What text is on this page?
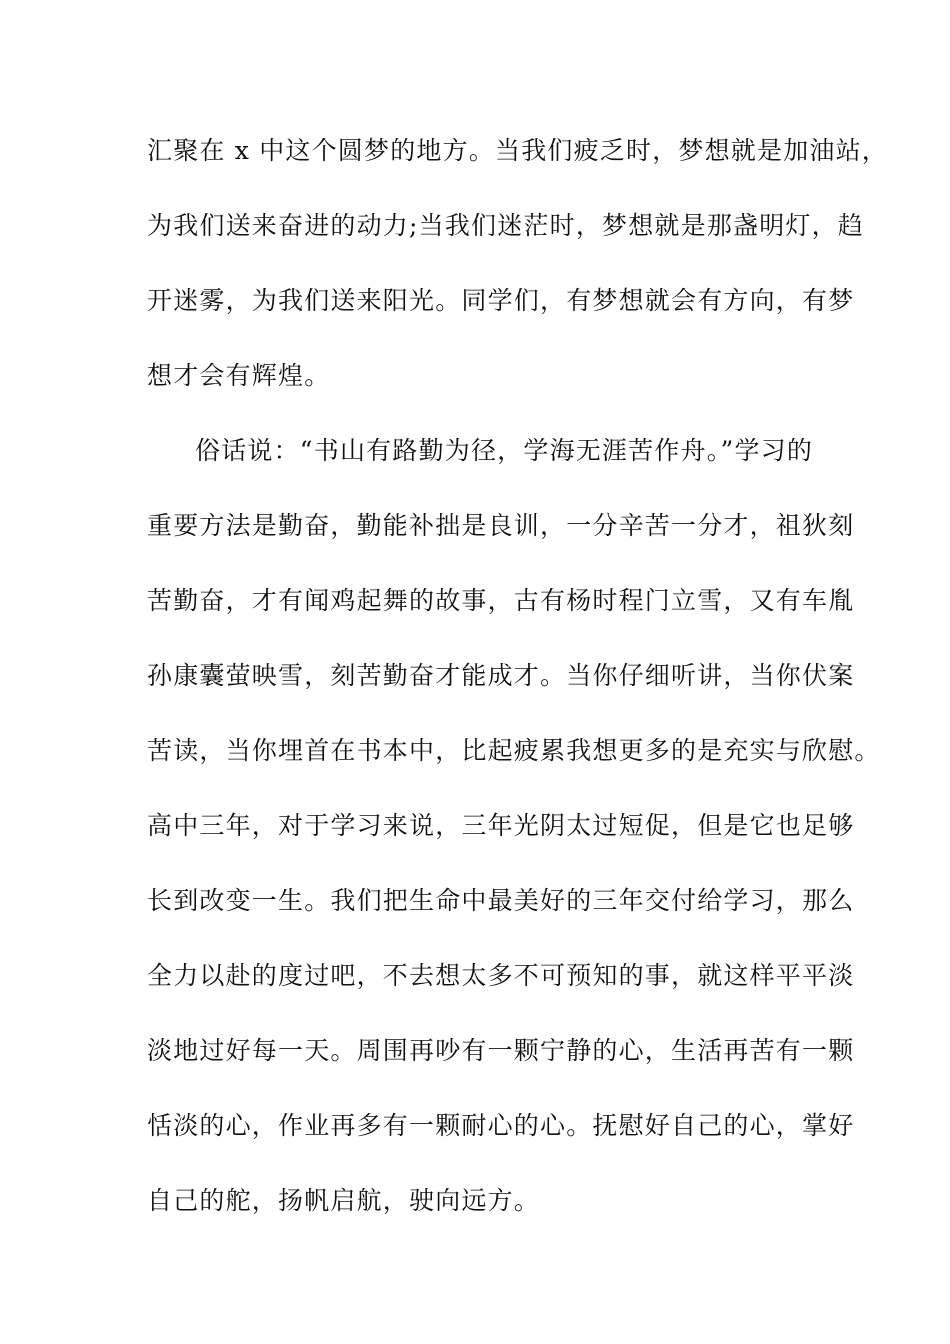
汇聚在 x 中这个圆梦的地方。当我们疲乏时，梦想就是加油站，
为我们送来奋进的动力;当我们迷茫时，梦想就是那盏明灯，趋
开迷雾，为我们送来阳光。同学们，有梦想就会有方向，有梦
想才会有辉煌。
俗话说：“书山有路勤为径，学海无涯苦作舟。”学习的
重要方法是勤奋，勤能补拙是良训，一分辛苦一分才，祖狄刻
苦勤奋，才有闻鸡起舞的故事，古有杨时程门立雪，又有车胤
孙康囊萤映雪，刻苦勤奋才能成才。当你仔细听讲，当你伏案
苦读，当你埋首在书本中，比起疲累我想更多的是充实与欣慰。
高中三年，对于学习来说，三年光阴太过短促，但是它也足够
长到改变一生。我们把生命中最美好的三年交付给学习，那么
全力以赴的度过吧，不去想太多不可预知的事，就这样平平淡
淡地过好每一天。周围再吵有一颗宁静的心，生活再苦有一颗
恬淡的心，作业再多有一颗耐心的心。抚慰好自己的心，掌好
自己的舵，扬帆启航，驶向远方。
